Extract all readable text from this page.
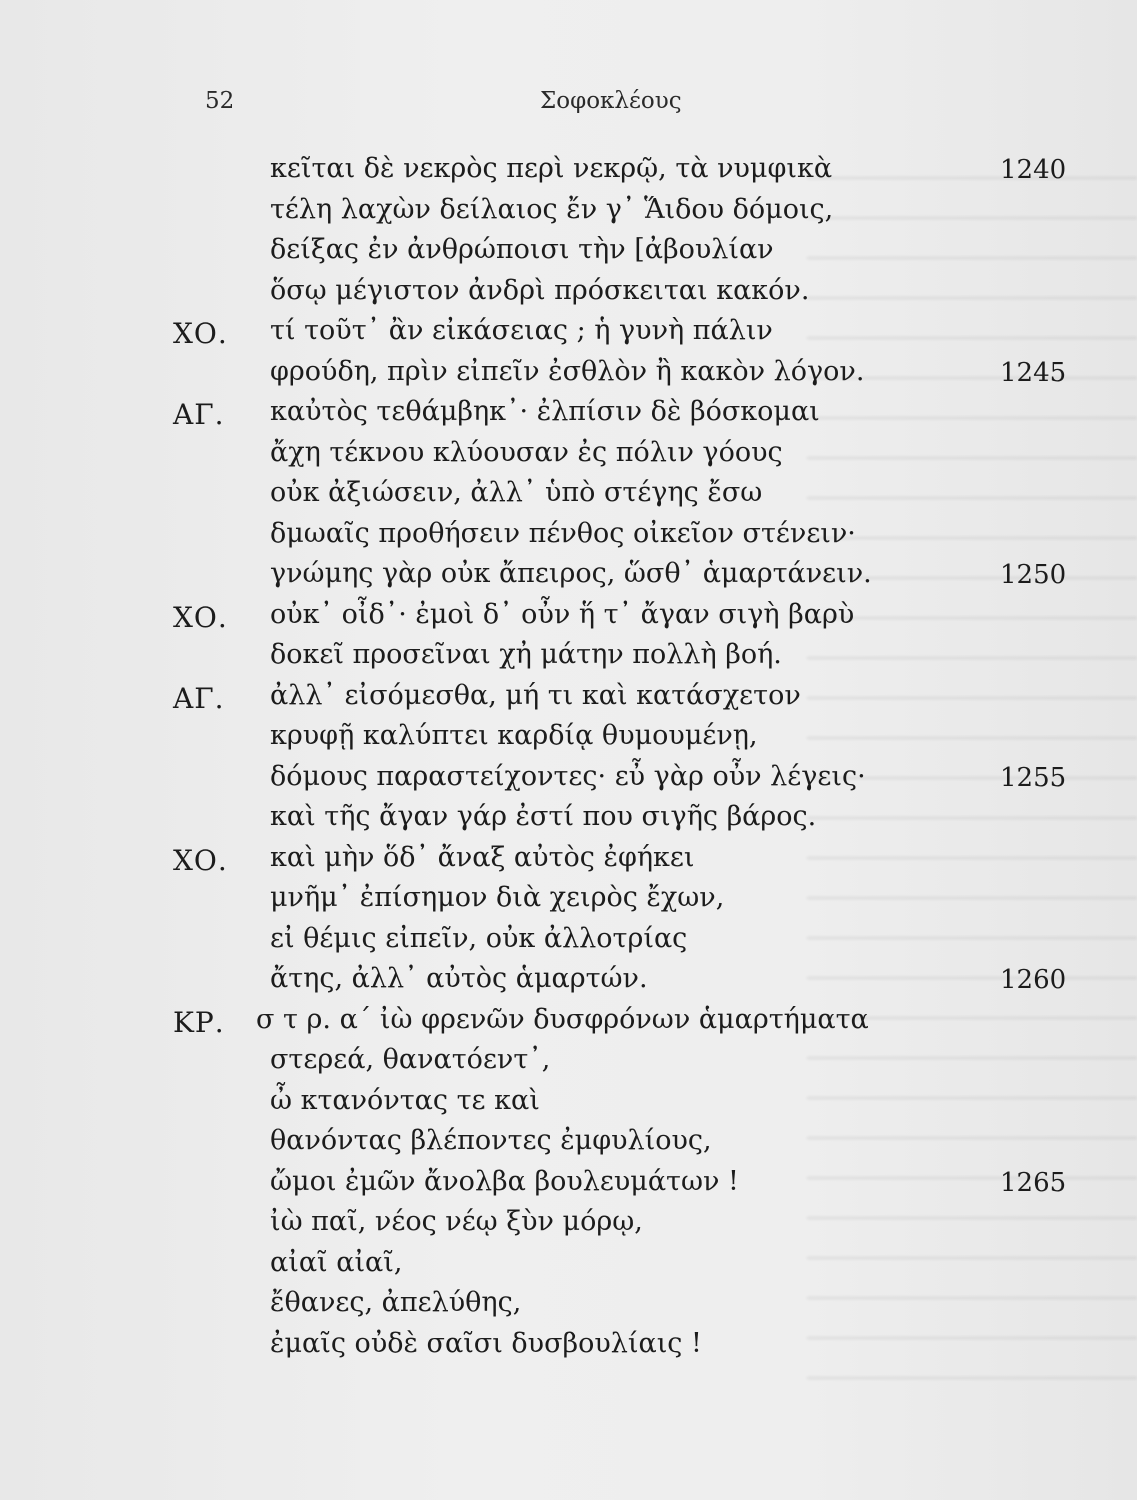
52	Σοφοκλέους
κεῖται δὲ νεκρὸς περὶ νεκρῷ, τὰ νυμφικὰ	1240
τέλη λαχὼν δείλαιος ἔν γ᾽ Ἅιδου δόμοις,
δείξας ἐν ἀνθρώποισι τὴν [ἀβουλίαν
ὅσῳ μέγιστον ἀνδρὶ πρόσκειται κακόν.
ΧΟ. τί τοῦτ᾽ ἂν εἰκάσειας ; ἡ γυνὴ πάλιν
φρούδη, πρὶν εἰπεῖν ἐσθλὸν ἢ κακὸν λόγον.	1245
ΑΓ. καὐτὸς τεθάμβηκ᾽· ἐλπίσιν δὲ βόσκομαι
ἄχη τέκνου κλύουσαν ἐς πόλιν γόους
οὐκ ἀξιώσειν, ἀλλ᾽ ὑπὸ στέγης ἔσω
δμωαῖς προθήσειν πένθος οἰκεῖον στένειν·
γνώμης γὰρ οὐκ ἄπειρος, ὥσθ᾽ ἁμαρτάνειν.	1250
ΧΟ. οὐκ᾽ οἶδ᾽· ἐμοὶ δ᾽ οὖν ἥ τ᾽ ἄγαν σιγὴ βαρὺ
δοκεῖ προσεῖναι χἠ μάτην πολλὴ βοή.
ΑΓ. ἀλλ᾽ εἰσόμεσθα, μή τι καὶ κατάσχετον
κρυφῇ καλύπτει καρδίᾳ θυμουμένῃ,
δόμους παραστείχοντες· εὖ γὰρ οὖν λέγεις·	1255
καὶ τῆς ἄγαν γάρ ἐστί που σιγῆς βάρος.
ΧΟ. καὶ μὴν ὅδ᾽ ἄναξ αὐτὸς ἐφήκει
μνῆμ᾽ ἐπίσημον διὰ χειρὸς ἔχων,
εἰ θέμις εἰπεῖν, οὐκ ἀλλοτρίας
ἄτης, ἀλλ᾽ αὐτὸς ἁμαρτών.	1260
ΚΡ. σ τ ρ. α΄ ἰὼ φρενῶν δυσφρόνων ἁμαρτήματα
στερεά, θανατόεντ᾽,
ὦ κτανόντας τε καὶ
θανόντας βλέποντες ἐμφυλίους,
ὤμοι ἐμῶν ἄνολβα βουλευμάτων !	1265
ἰὼ παῖ, νέος νέῳ ξὺν μόρῳ,
αἰαῖ αἰαῖ,
ἔθανες, ἀπελύθης,
ἐμαῖς οὐδὲ σαῖσι δυσβουλίαις !
